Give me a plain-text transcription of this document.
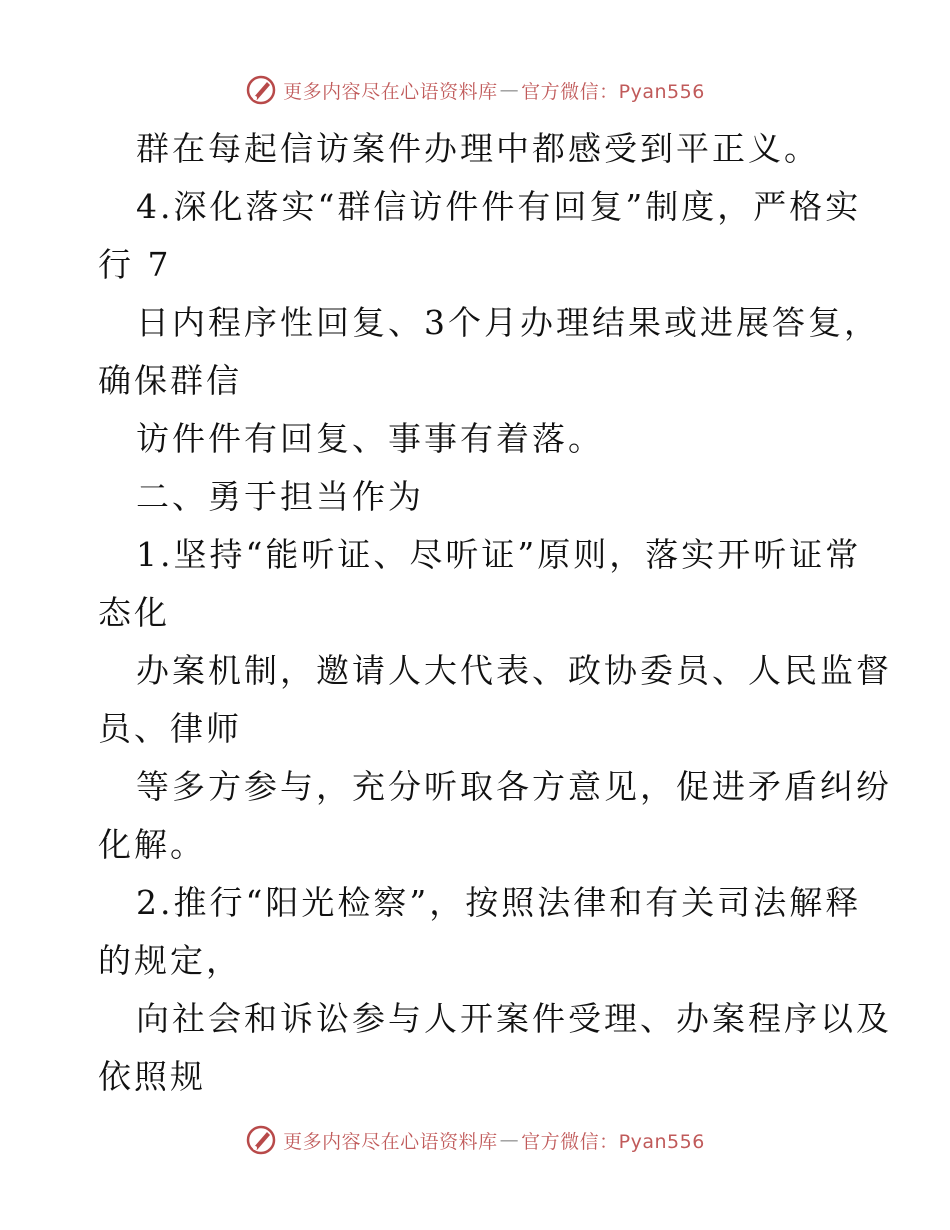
更多内容尽在心语资料库 — 官方微信：Pyan556
群在每起信访案件办理中都感受到平正义。
4.深化落实“群信访件件有回复”制度，严格实
行 7
日内程序性回复、3个月办理结果或进展答复，
确保群信
访件件有回复、事事有着落。
二、勇于担当作为
1.坚持“能听证、尽听证”原则，落实开听证常
态化
办案机制，邀请人大代表、政协委员、人民监督
员、律师
等多方参与，充分听取各方意见，促进矛盾纠纷
化解。
2.推行“阳光检察”，按照法律和有关司法解释
的规定，
向社会和诉讼参与人开案件受理、办案程序以及
依照规
更多内容尽在心语资料库 — 官方微信：Pyan556
